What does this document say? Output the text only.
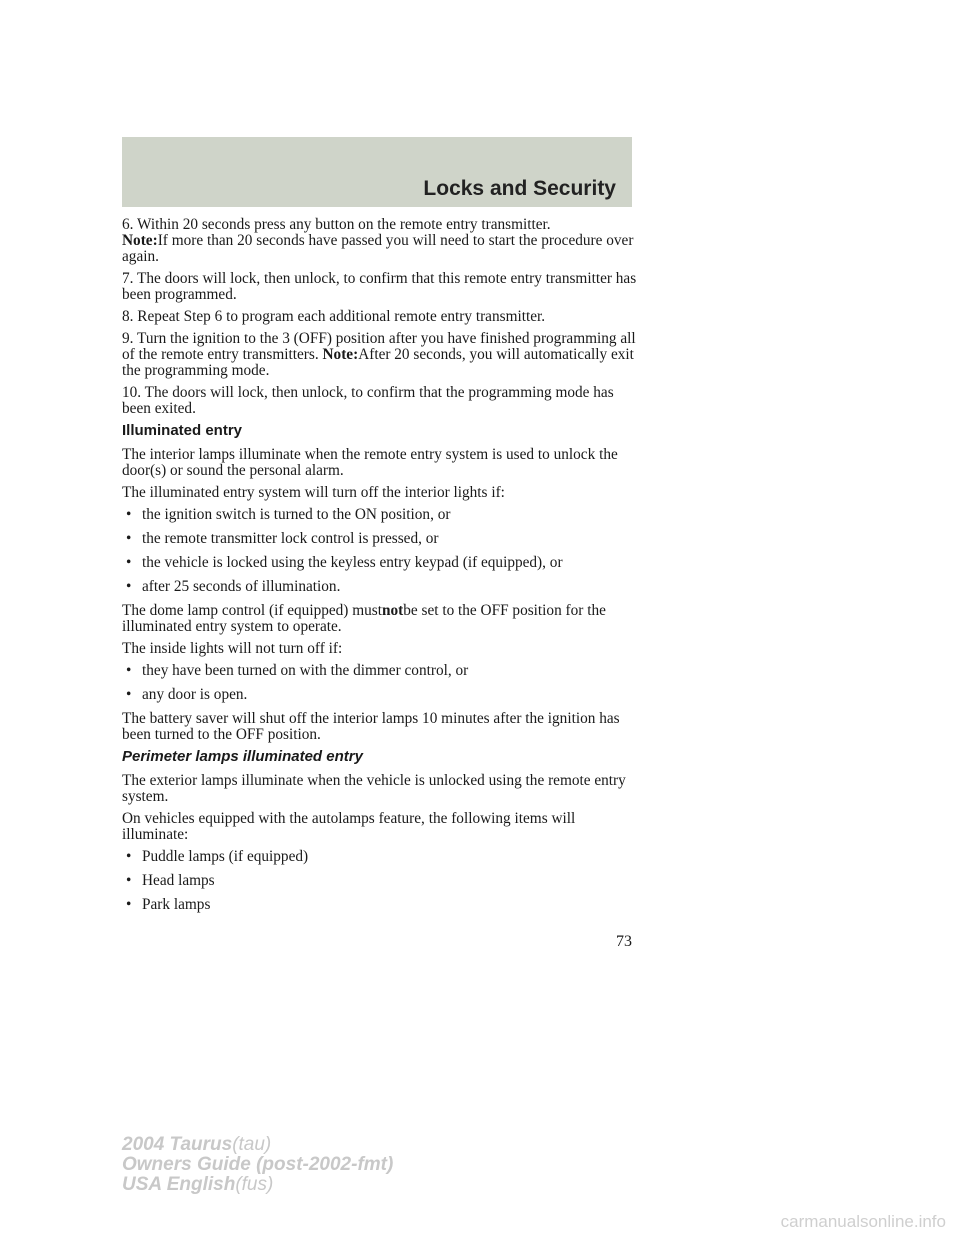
Locks and Security

6. Within 20 seconds press any button on the remote entry transmitter.
Note:If more than 20 seconds have passed you will need to start the procedure over again.

7. The doors will lock, then unlock, to confirm that this remote entry transmitter has been programmed.

8. Repeat Step 6 to program each additional remote entry transmitter.

9. Turn the ignition to the 3 (OFF) position after you have finished programming all of the remote entry transmitters. Note:After 20 seconds, you will automatically exit the programming mode.

10. The doors will lock, then unlock, to confirm that the programming mode has been exited.

Illuminated entry

The interior lamps illuminate when the remote entry system is used to unlock the door(s) or sound the personal alarm.

The illuminated entry system will turn off the interior lights if:

• the ignition switch is turned to the ON position, or
• the remote transmitter lock control is pressed, or
• the vehicle is locked using the keyless entry keypad (if equipped), or
• after 25 seconds of illumination.

The dome lamp control (if equipped) mustnotbe set to the OFF position for the illuminated entry system to operate.

The inside lights will not turn off if:

• they have been turned on with the dimmer control, or
• any door is open.

The battery saver will shut off the interior lamps 10 minutes after the ignition has been turned to the OFF position.

Perimeter lamps illuminated entry

The exterior lamps illuminate when the vehicle is unlocked using the remote entry system.

On vehicles equipped with the autolamps feature, the following items will illuminate:

• Puddle lamps (if equipped)
• Head lamps
• Park lamps
73
2004 Taurus(tau)
Owners Guide (post-2002-fmt)
USA English(fus)
carmanualsonline.info
